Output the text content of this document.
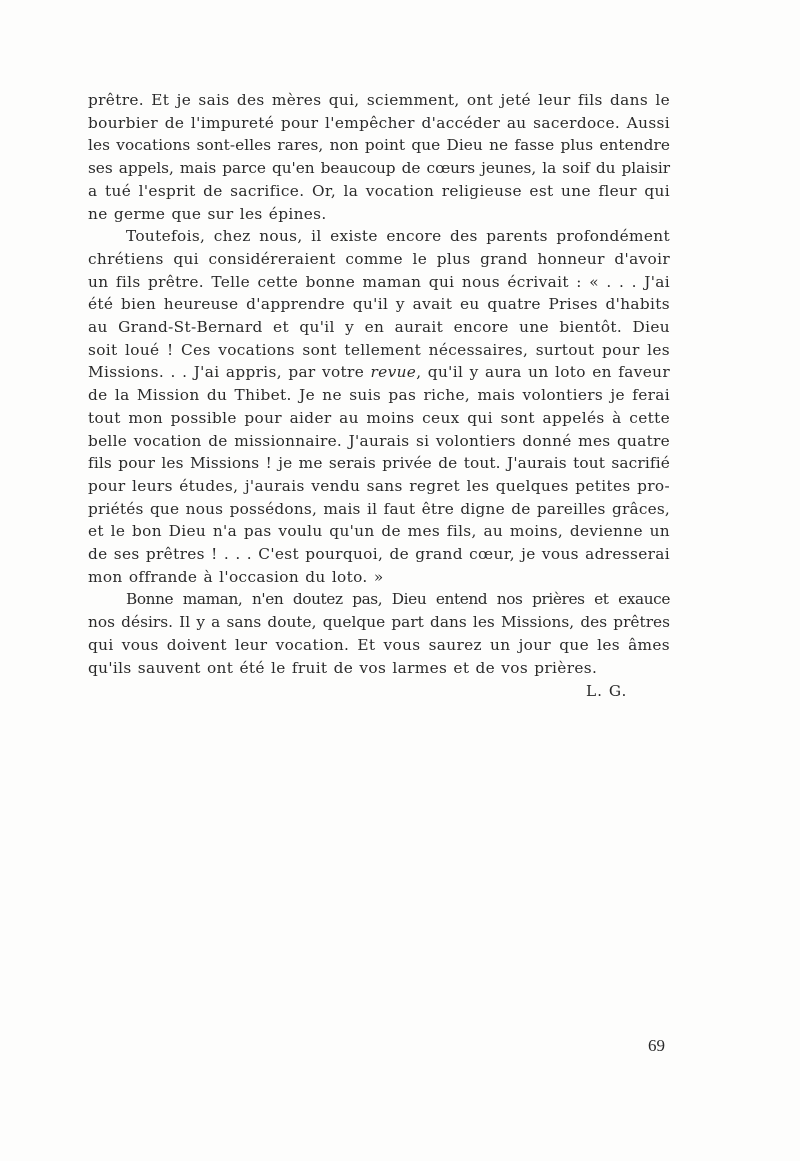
prêtre. Et je sais des mères qui, sciemment, ont jeté leur fils dans le
bourbier de l'impureté pour l'empêcher d'accéder au sacerdoce. Aussi
les vocations sont-elles rares, non point que Dieu ne fasse plus entendre
ses appels, mais parce qu'en beaucoup de cœurs jeunes, la soif du plaisir
a tué l'esprit de sacrifice. Or, la vocation religieuse est une fleur qui
ne germe que sur les épines.
Toutefois, chez nous, il existe encore des parents profondément
chrétiens qui considéreraient comme le plus grand honneur d'avoir
un fils prêtre. Telle cette bonne maman qui nous écrivait : « . . . J'ai
été bien heureuse d'apprendre qu'il y avait eu quatre Prises d'habits
au Grand-St-Bernard et qu'il y en aurait encore une bientôt. Dieu
soit loué ! Ces vocations sont tellement nécessaires, surtout pour les
Missions. . . J'ai appris, par votre revue, qu'il y aura un loto en faveur
de la Mission du Thibet. Je ne suis pas riche, mais volontiers je ferai
tout mon possible pour aider au moins ceux qui sont appelés à cette
belle vocation de missionnaire. J'aurais si volontiers donné mes quatre
fils pour les Missions ! je me serais privée de tout. J'aurais tout sacrifié
pour leurs études, j'aurais vendu sans regret les quelques petites pro-
priétés que nous possédons, mais il faut être digne de pareilles grâces,
et le bon Dieu n'a pas voulu qu'un de mes fils, au moins, devienne un
de ses prêtres ! . . . C'est pourquoi, de grand cœur, je vous adresserai
mon offrande à l'occasion du loto. »
Bonne maman, n'en doutez pas, Dieu entend nos prières et exauce
nos désirs. Il y a sans doute, quelque part dans les Missions, des prêtres
qui vous doivent leur vocation. Et vous saurez un jour que les âmes
qu'ils sauvent ont été le fruit de vos larmes et de vos prières.
L. G.
69
